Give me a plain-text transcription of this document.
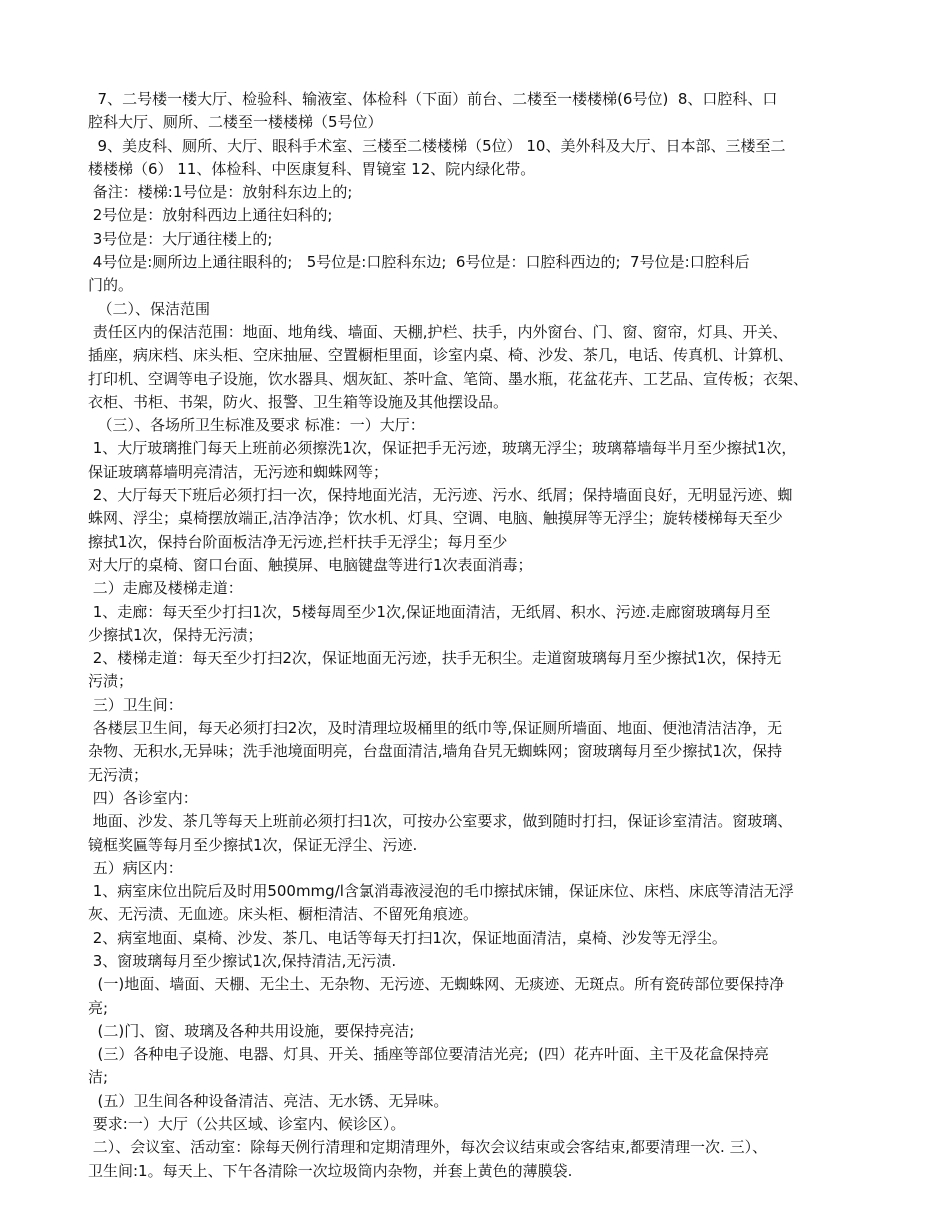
7、二号楼一楼大厅、检验科、输液室、体检科（下面）前台、二楼至一楼楼梯(6号位)  8、口腔科、口
腔科大厅、厕所、二楼至一楼楼梯（5号位）
9、美皮科、厕所、大厅、眼科手术室、三楼至二楼楼梯（5位） 10、美外科及大厅、日本部、三楼至二
楼楼梯（6） 11、体检科、中医康复科、胃镜室 12、院内绿化带。
备注：楼梯:1号位是：放射科东边上的;
2号位是：放射科西边上通往妇科的;
3号位是：大厅通往楼上的;
4号位是:厕所边上通往眼科的;   5号位是:口腔科东边;  6号位是：口腔科西边的;  7号位是:口腔科后
门的。
（二）、保洁范围
责任区内的保洁范围：地面、地角线、墙面、天棚,护栏、扶手，内外窗台、门、窗、窗帘，灯具、开关、
插座，病床档、床头柜、空床抽屉、空置橱柜里面，诊室内桌、椅、沙发、茶几，电话、传真机、计算机、
打印机、空调等电子设施，饮水器具、烟灰缸、茶叶盒、笔筒、墨水瓶，花盆花卉、工艺品、宣传板；衣架、
衣柜、书柜、书架，防火、报警、卫生箱等设施及其他摆设品。
（三）、各场所卫生标准及要求 标准：一）大厅：
1、大厅玻璃推门每天上班前必须擦洗1次，保证把手无污迹，玻璃无浮尘；玻璃幕墙每半月至少擦拭1次，
保证玻璃幕墙明亮清洁，无污迹和蜘蛛网等；
2、大厅每天下班后必须打扫一次，保持地面光洁，无污迹、污水、纸屑；保持墙面良好，无明显污迹、蜘
蛛网、浮尘；桌椅摆放端正,洁净洁净；饮水机、灯具、空调、电脑、触摸屏等无浮尘；旋转楼梯每天至少
擦拭1次，保持台阶面板洁净无污迹,拦杆扶手无浮尘；每月至少
对大厅的桌椅、窗口台面、触摸屏、电脑键盘等进行1次表面消毒；
二）走廊及楼梯走道：
1、走廊：每天至少打扫1次，5楼每周至少1次,保证地面清洁，无纸屑、积水、污迹.走廊窗玻璃每月至
少擦拭1次，保持无污渍；
2、楼梯走道：每天至少打扫2次，保证地面无污迹，扶手无积尘。走道窗玻璃每月至少擦拭1次，保持无
污渍；
三）卫生间：
各楼层卫生间，每天必须打扫2次，及时清理垃圾桶里的纸巾等,保证厕所墙面、地面、便池清洁洁净，无
杂物、无积水,无异味；洗手池境面明亮，台盘面清洁,墙角旮旯无蜘蛛网；窗玻璃每月至少擦拭1次，保持
无污渍；
四）各诊室内：
地面、沙发、茶几等每天上班前必须打扫1次，可按办公室要求，做到随时打扫，保证诊室清洁。窗玻璃、
镜框奖匾等每月至少擦拭1次，保证无浮尘、污迹.
五）病区内：
1、病室床位出院后及时用500mmg/l含氯消毒液浸泡的毛巾擦拭床铺，保证床位、床档、床底等清洁无浮
灰、无污渍、无血迹。床头柜、橱柜清洁、不留死角痕迹。
2、病室地面、桌椅、沙发、茶几、电话等每天打扫1次，保证地面清洁，桌椅、沙发等无浮尘。
3、窗玻璃每月至少擦试1次,保持清洁,无污渍.
(一)地面、墙面、天棚、无尘土、无杂物、无污迹、无蜘蛛网、无痰迹、无斑点。所有瓷砖部位要保持净
亮;
(二)门、窗、玻璃及各种共用设施，要保持亮洁;
(三）各种电子设施、电器、灯具、开关、插座等部位要清洁光亮;  (四）花卉叶面、主干及花盒保持亮
洁;
(五）卫生间各种设备清洁、亮洁、无水锈、无异味。
要求:一）大厅（公共区域、诊室内、候诊区）。
二）、会议室、活动室：除每天例行清理和定期清理外，每次会议结束或会客结束,都要清理一次. 三）、
卫生间:1。每天上、下午各清除一次垃圾筒内杂物，并套上黄色的薄膜袋.
